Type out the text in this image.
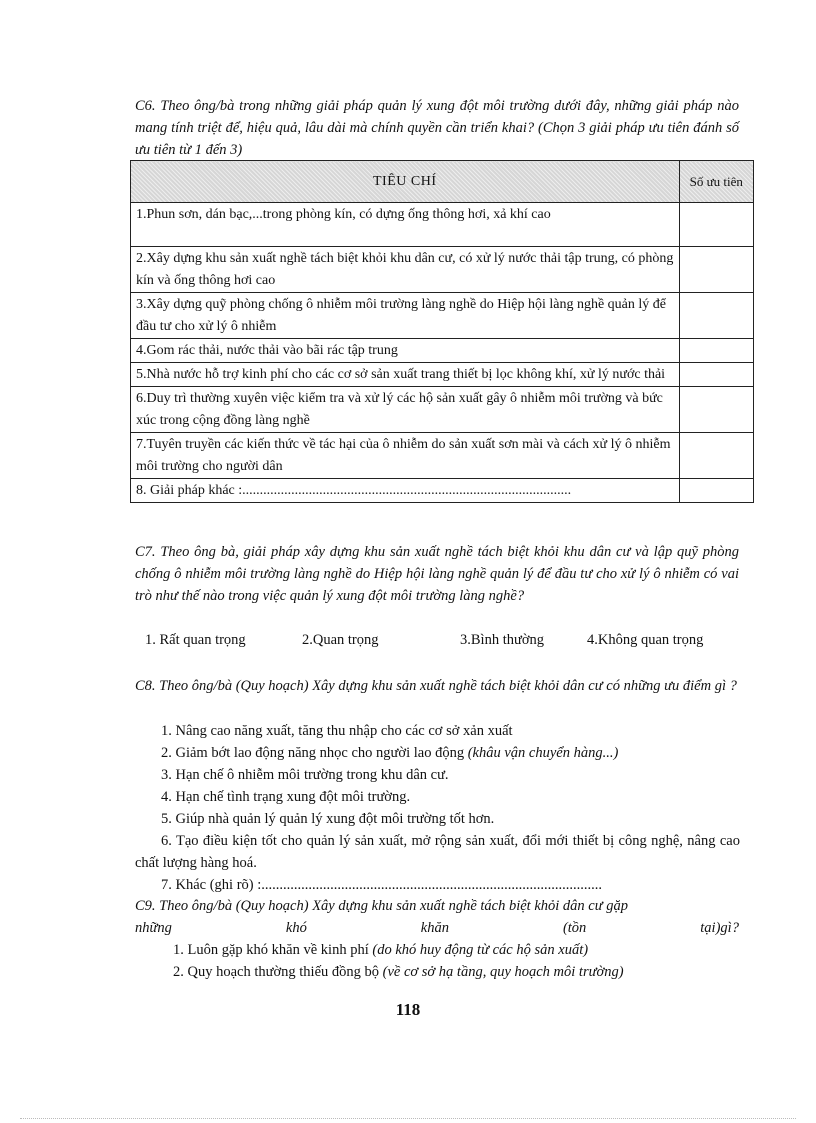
C6. Theo ông/bà trong những giải pháp quản lý xung đột môi trường dưới đây, những giải pháp nào mang tính triệt để, hiệu quả, lâu dài mà chính quyền cần triển khai? (Chọn 3 giải pháp ưu tiên đánh số ưu tiên từ 1 đến 3)
TIÊU CHÍ	Số ưu tiên
1.Phun sơn, dán bạc,...trong phòng kín, có dựng ống thông hơi, xả khí cao	
2.Xây dựng khu sản xuất nghề tách biệt khỏi khu dân cư, có xử lý nước thải tập trung, có phòng kín và ống thông hơi cao	
3.Xây dựng quỹ phòng chống ô nhiễm môi trường làng nghề do Hiệp hội làng nghề quản lý để đầu tư cho xử lý ô nhiễm	
4.Gom rác thải, nước thải vào bãi rác tập trung	
5.Nhà nước hỗ trợ kinh phí cho các cơ sở sản xuất trang thiết bị lọc không khí, xử lý nước thải	
6.Duy trì thường xuyên việc kiểm tra và xử lý các hộ sản xuất gây ô nhiễm môi trường và bức xúc trong cộng đồng làng nghề	
7.Tuyên truyền các kiến thức về tác hại của ô nhiễm do sản xuất sơn mài và cách xử lý ô nhiễm môi trường cho người dân	
8. Giải pháp khác :..............................................................................................	
C7. Theo ông bà, giải pháp xây dựng khu sản xuất nghề tách biệt khỏi khu dân cư và lập quỹ phòng chống ô nhiễm môi trường làng nghề do Hiệp hội làng nghề quản lý để đầu tư cho xử lý ô nhiễm có vai trò như thế nào trong việc quản lý xung đột môi trường làng nghề?
1. Rất quan trọng	2.Quan trọng	3.Bình thường	4.Không quan trọng
C8. Theo ông/bà (Quy hoạch) Xây dựng khu sản xuất nghề tách biệt khỏi dân cư có những ưu điểm gì ?
1. Nâng cao năng xuất, tăng thu nhập cho các cơ sở xản xuất
2. Giảm bớt lao động năng nhọc cho người lao động (khâu vận chuyển hàng...)
3. Hạn chế ô nhiễm môi trường trong khu dân cư.
4. Hạn chế tình trạng xung đột môi trường.
5. Giúp nhà quản lý quản lý xung đột môi trường tốt hơn.
6. Tạo điều kiện tốt cho quản lý sản xuất, mở rộng sản xuất, đổi mới thiết bị công nghệ, nâng cao chất lượng hàng hoá.
7. Khác (ghi rõ) :..............................................................................................
C9. Theo ông/bà (Quy hoạch) Xây dựng khu sản xuất nghề tách biệt khỏi dân cư gặp
những	khó	khăn	(tồn	tại)gì?
1. Luôn gặp khó khăn về kinh phí (do khó huy động từ các hộ sản xuất)
2. Quy hoạch thường thiếu đồng bộ (về cơ sở hạ tầng, quy hoạch môi trường)
118
